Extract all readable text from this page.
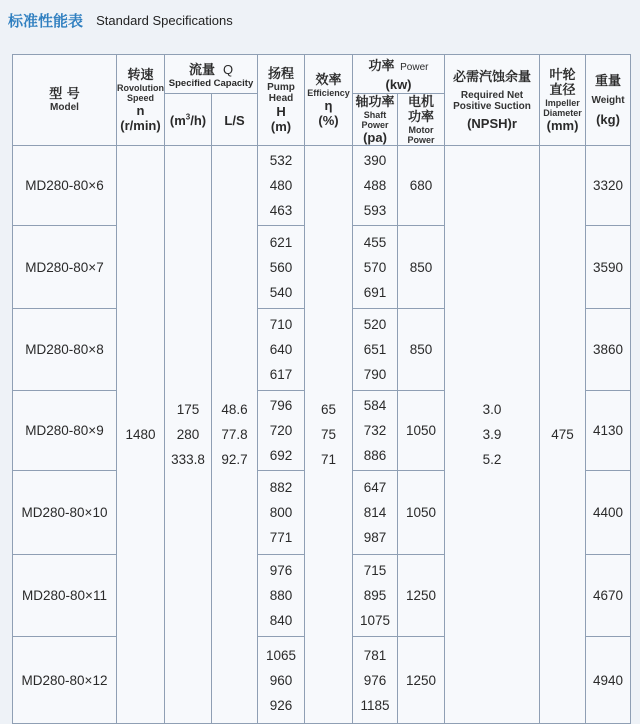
标准性能表 Standard Specifications
型 号
Model	转速
Rovolution
Speed
n
(r/min)	流量 Q
Specified Capacity		扬程
Pump
Head
H
(m)	效率
Efficiency
η
(%)	功率 Power (kw)		必需汽蚀余量
Required Net
Positive Suction
(NPSH)r	叶轮直径
Impeller
Diameter
(mm)	重量
Weight
(kg)

		$(m^3/h)$	L/S			轴功率
Shaft Power
(pa)	电机功率
Motor Power			

MD280-80×6	1480	175
280
333.8	48.6
77.8
92.7	532
480
463	65
75
71	390
488
593	680	3.0
3.9
5.2	475	3320
MD280-80×7				621
560
540		455
570
691	850			3590
MD280-80×8				710
640
617		520
651
790	850			3860
MD280-80×9				796
720
692		584
732
886	1050			4130
MD280-80×10				882
800
771		647
814
987	1050			4400
MD280-80×11				976
880
840		715
895
1075	1250			4670
MD280-80×12				1065
960
926		781
976
1185	1250			4940
